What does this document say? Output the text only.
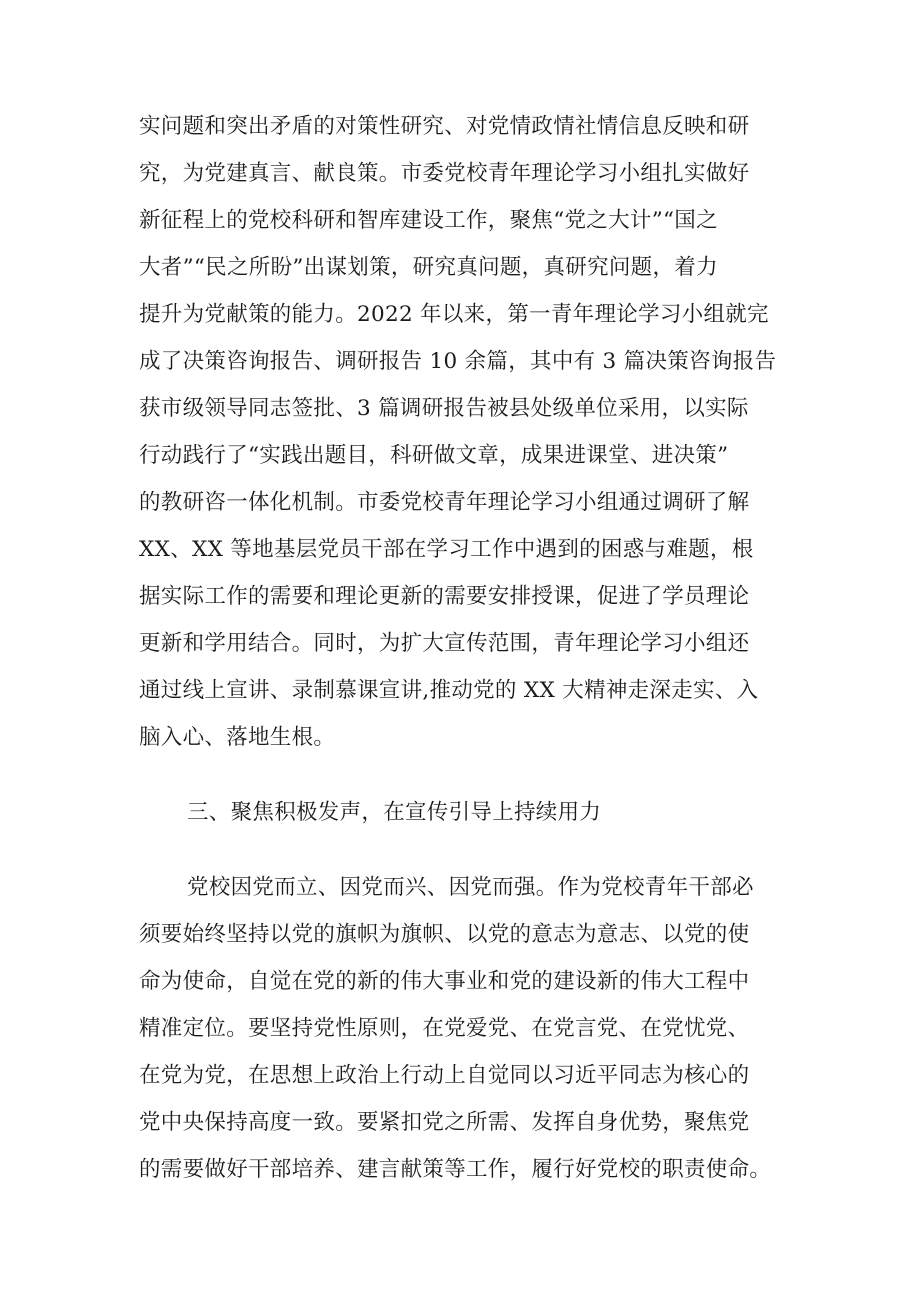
实问题和突出矛盾的对策性研究、对党情政情社情信息反映和研

究，为党建真言、献良策。市委党校青年理论学习小组扎实做好

新征程上的党校科研和智库建设工作，聚焦“党之大计”“国之

大者”“民之所盼”出谋划策，研究真问题，真研究问题，着力

提升为党献策的能力。2022 年以来，第一青年理论学习小组就完

成了决策咨询报告、调研报告 10 余篇，其中有 3 篇决策咨询报告

获市级领导同志签批、3 篇调研报告被县处级单位采用，以实际

行动践行了“实践出题目，科研做文章，成果进课堂、进决策”

的教研咨一体化机制。市委党校青年理论学习小组通过调研了解

XX、XX 等地基层党员干部在学习工作中遇到的困惑与难题，根

据实际工作的需要和理论更新的需要安排授课，促进了学员理论

更新和学用结合。同时，为扩大宣传范围，青年理论学习小组还

通过线上宣讲、录制慕课宣讲,推动党的 XX 大精神走深走实、入

脑入心、落地生根。

三、聚焦积极发声，在宣传引导上持续用力

党校因党而立、因党而兴、因党而强。作为党校青年干部必

须要始终坚持以党的旗帜为旗帜、以党的意志为意志、以党的使

命为使命，自觉在党的新的伟大事业和党的建设新的伟大工程中

精准定位。要坚持党性原则，在党爱党、在党言党、在党忧党、

在党为党，在思想上政治上行动上自觉同以习近平同志为核心的

党中央保持高度一致。要紧扣党之所需、发挥自身优势，聚焦党

的需要做好干部培养、建言献策等工作，履行好党校的职责使命。
